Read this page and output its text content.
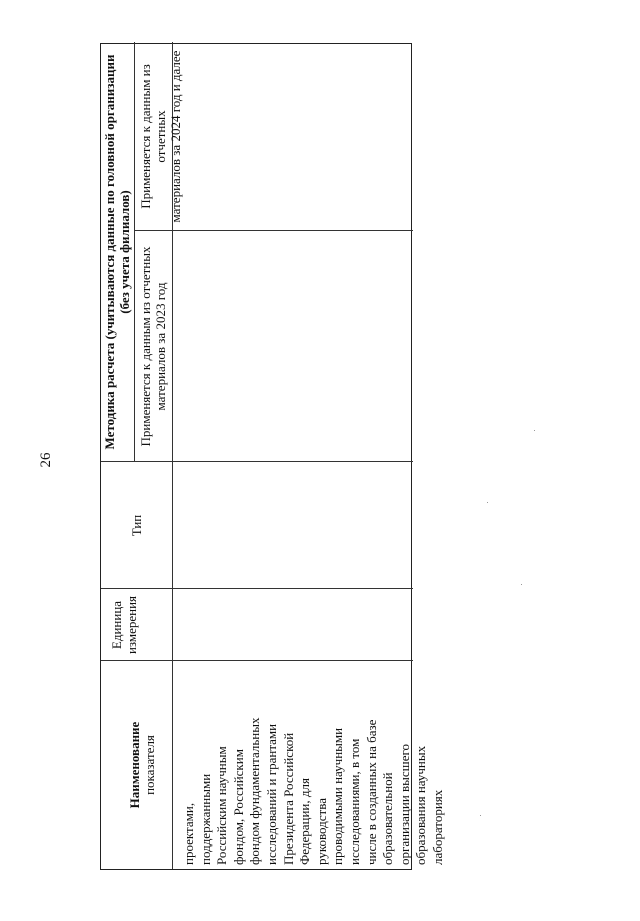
26
Наименование показателя
Единица измерения
Тип
Методика расчета (учитываются данные по головной организации (без учета филиалов) Применяется к данным из отчетных материалов за 2023 год
Применяется к данным из отчетных материалов за 2024 год и далее
проектами, поддержанными Российским научным фондом, Российским фондом фундаментальных исследований и грантами Президента Российской Федерации, для руководства проводимыми научными исследованиями, в том числе в созданных на базе образовательной организации высшего образования научных лабораториях
